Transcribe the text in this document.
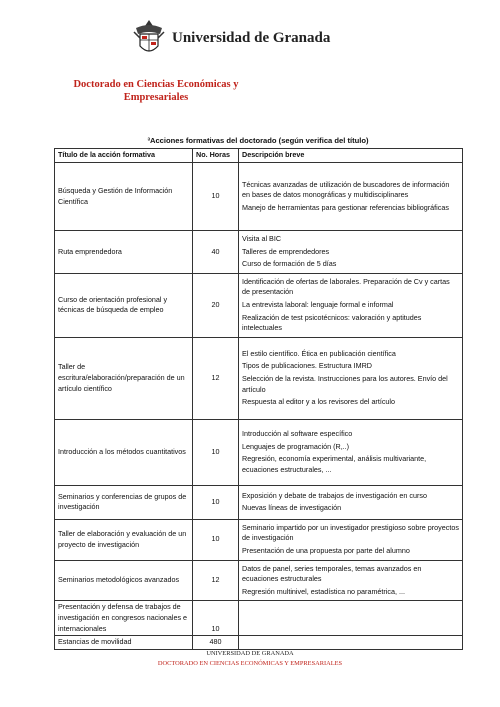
Universidad de Granada
Doctorado en Ciencias Económicas y
Empresariales
³Acciones formativas del doctorado (según verifica del título)
Título de la acción formativa	No. Horas	Descripción breve
Búsqueda y Gestión de Información Científica	10	Técnicas avanzadas de utilización de buscadores de información en bases de datos monográficas y multidisciplinares

Manejo de herramientas para gestionar referencias bibliográficas

Ruta emprendedora	40	Visita al BIC

Talleres de emprendedores

Curso de formación de 5 días

Curso de orientación profesional y técnicas de búsqueda de empleo	20	Identificación de ofertas de laborales. Preparación de Cv y cartas de presentación

La entrevista laboral: lenguaje formal e informal

Realización de test psicotécnicos: valoración y aptitudes intelectuales

Taller de escritura/elaboración/preparación de un artículo científico	12	El estilo científico. Ética en publicación científica

Tipos de publicaciones. Estructura IMRD

Selección de la revista. Instrucciones para los autores. Envío del artículo

Respuesta al editor y a los revisores del artículo

Introducción a los métodos cuantitativos	10	Introducción al software específico

Lenguajes de programación (R,..)

Regresión, economía experimental, análisis multivariante, ecuaciones estructurales, ...

Seminarios y conferencias de grupos de investigación	10	Exposición y debate de trabajos de investigación en curso

Nuevas líneas de investigación

Taller de elaboración y evaluación de un proyecto de investigación	10	Seminario impartido por un investigador prestigioso sobre proyectos de investigación

Presentación de una propuesta por parte del alumno

Seminarios metodológicos avanzados	12	Datos de panel, series temporales, temas avanzados en ecuaciones estructurales

Regresión multinivel, estadística no paramétrica, ...

Presentación y defensa de trabajos de investigación en congresos nacionales e internacionales	10	
Estancias de movilidad	480	
UNIVERSIDAD DE GRANADA
DOCTORADO EN CIENCIAS ECONÓMICAS Y EMPRESARIALES
